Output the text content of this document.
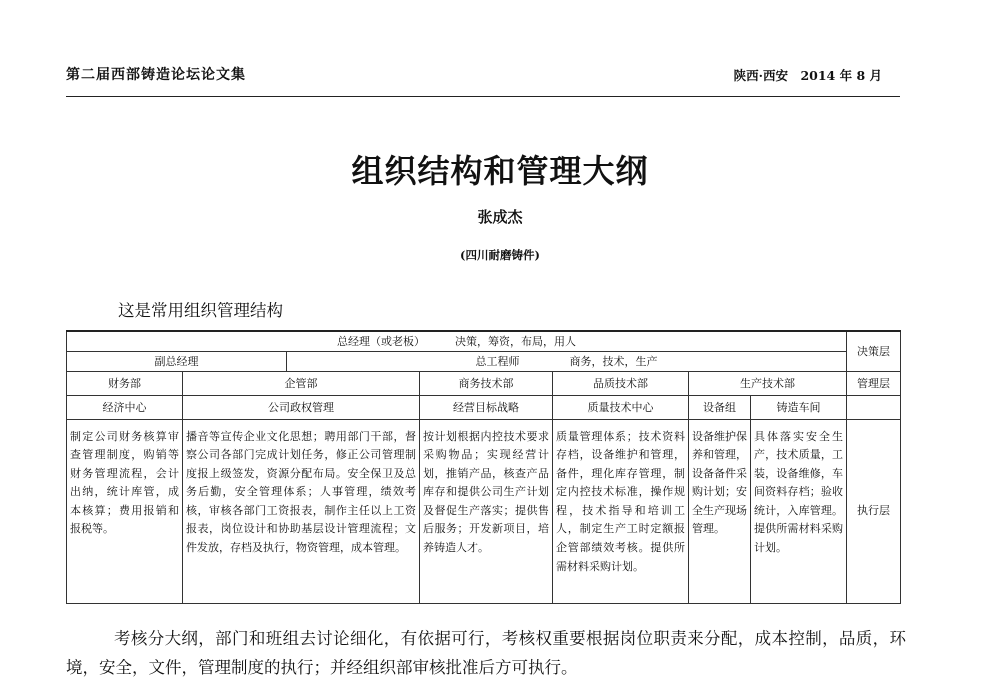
第二届西部铸造论坛论文集	陕西·西安　2014 年 8 月
组织结构和管理大纲
张成杰
(四川耐磨铸件)
这是常用组织管理结构
总经理（或老板） 决策，筹资，布局，用人							决策层
副总经理		总工程师 商务，技术，生产					
财务部	企管部		商务技术部	品质技术部	生产技术部		管理层
经济中心	公司政权管理		经营目标战略	质量技术中心	设备组	铸造车间	
制定公司财务核算审查管理制度，购销等财务管理流程，会计出纳，统计库管，成本核算；费用报销和报税等。	播音等宣传企业文化思想；聘用部门干部，督察公司各部门完成计划任务，修正公司管理制度报上级签发，资源分配布局。安全保卫及总务后勤，安全管理体系；人事管理，绩效考核，审核各部门工资报表，制作主任以上工资报表，岗位设计和协助基层设计管理流程；文件发放，存档及执行，物资管理，成本管理。		按计划根据内控技术要求采购物品；实现经营计划，推销产品，核查产品库存和提供公司生产计划及督促生产落实；提供售后服务；开发新项目，培养铸造人才。	质量管理体系；技术资料存档，设备维护和管理，备件，理化库存管理，制定内控技术标准，操作规程，技术指导和培训工人，制定生产工时定额报企管部绩效考核。提供所需材料采购计划。	设备维护保养和管理，设备备件采购计划；安全生产现场管理。	具体落实安全生产，技术质量，工装，设备维修，车间资料存档；验收统计，入库管理。提供所需材料采购计划。	执行层
考核分大纲，部门和班组去讨论细化，有依据可行，考核权重要根据岗位职责来分配，成本控制，品质，环境，安全，文件，管理制度的执行；并经组织部审核批准后方可执行。
